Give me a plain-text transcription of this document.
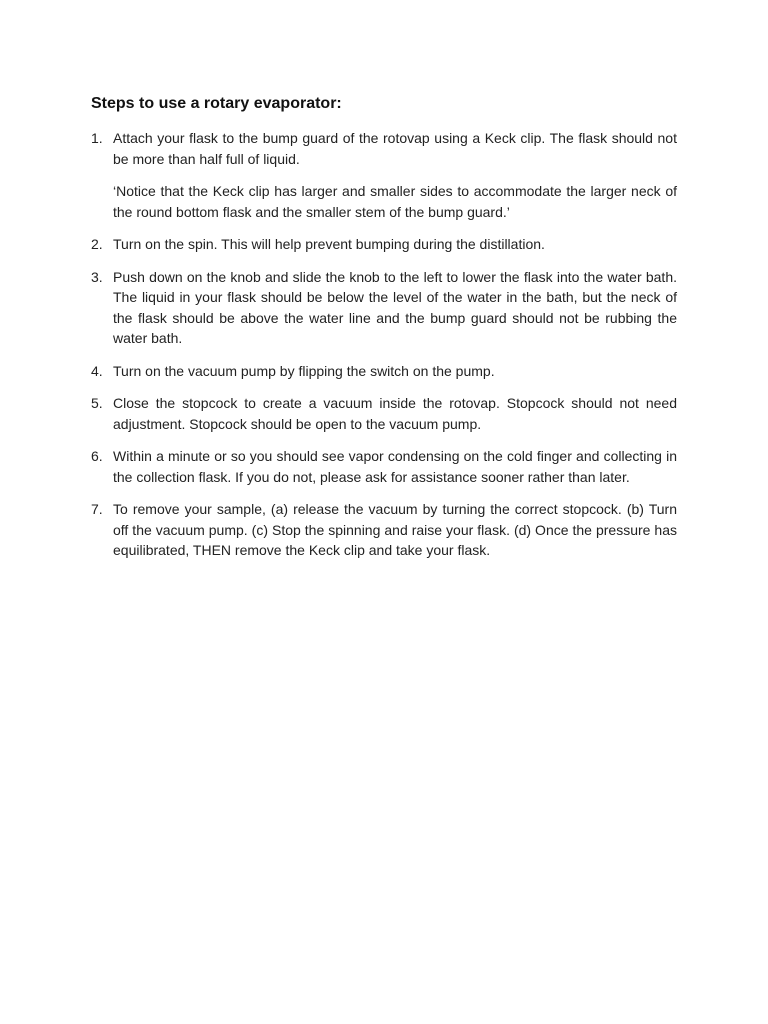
Steps to use a rotary evaporator:
1. Attach your flask to the bump guard of the rotovap using a Keck clip. The flask should not be more than half full of liquid.

‘Notice that the Keck clip has larger and smaller sides to accommodate the larger neck of the round bottom flask and the smaller stem of the bump guard.’

2. Turn on the spin. This will help prevent bumping during the distillation.

3. Push down on the knob and slide the knob to the left to lower the flask into the water bath. The liquid in your flask should be below the level of the water in the bath, but the neck of the flask should be above the water line and the bump guard should not be rubbing the water bath.

4. Turn on the vacuum pump by flipping the switch on the pump.

5. Close the stopcock to create a vacuum inside the rotovap. Stopcock should not need adjustment. Stopcock should be open to the vacuum pump.

6. Within a minute or so you should see vapor condensing on the cold finger and collecting in the collection flask. If you do not, please ask for assistance sooner rather than later.

7. To remove your sample, (a) release the vacuum by turning the correct stopcock. (b) Turn off the vacuum pump. (c) Stop the spinning and raise your flask. (d) Once the pressure has equilibrated, THEN remove the Keck clip and take your flask.
